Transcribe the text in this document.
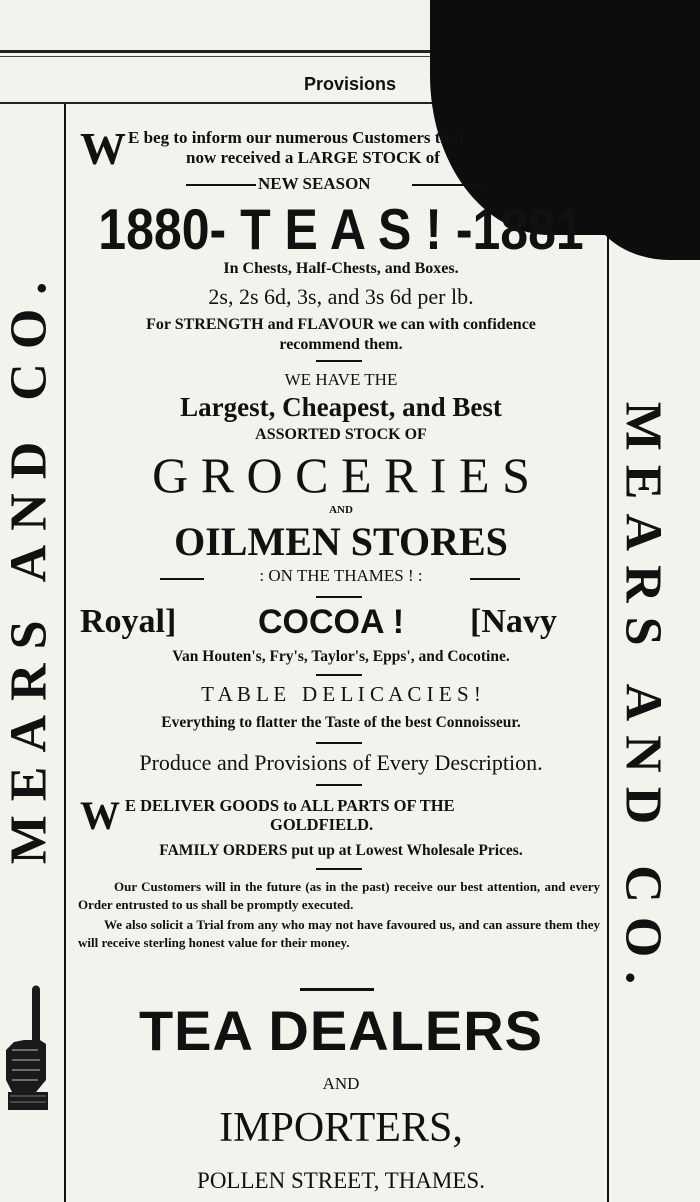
Provisions
MEARS AND CO.	MEARS AND CO.
W E beg to inform our numerous Customers that
now received a LARGE STOCK of
NEW SEASON
1880- T E A S ! -1881
In Chests, Half-Chests, and Boxes.
2s, 2s 6d, 3s, and 3s 6d per lb.
For STRENGTH and FLAVOUR we can with confidence
recommend them.
WE HAVE THE
Largest, Cheapest, and Best
ASSORTED STOCK OF
G R O C E R I E S
AND
OILMEN STORES
: ON THE THAMES ! :
Royal] COCOA ! [Navy
Van Houten's, Fry's, Taylor's, Epps', and Cocotine.
T A B L E   D E L I C A C I E S !
Everything to flatter the Taste of the best Connoisseur.
Produce and Provisions of Every Description.
W E DELIVER GOODS to ALL PARTS OF THE
GOLDFIELD.
FAMILY ORDERS put up at Lowest Wholesale Prices.
Our Customers will in the future (as in the past) receive our best attention, and every Order entrusted to us shall be promptly executed.
We also solicit a Trial from any who may not have favoured us, and can assure them they will receive sterling honest value for their money.
TEA DEALERS
AND
IMPORTERS,
POLLEN STREET, THAMES.
